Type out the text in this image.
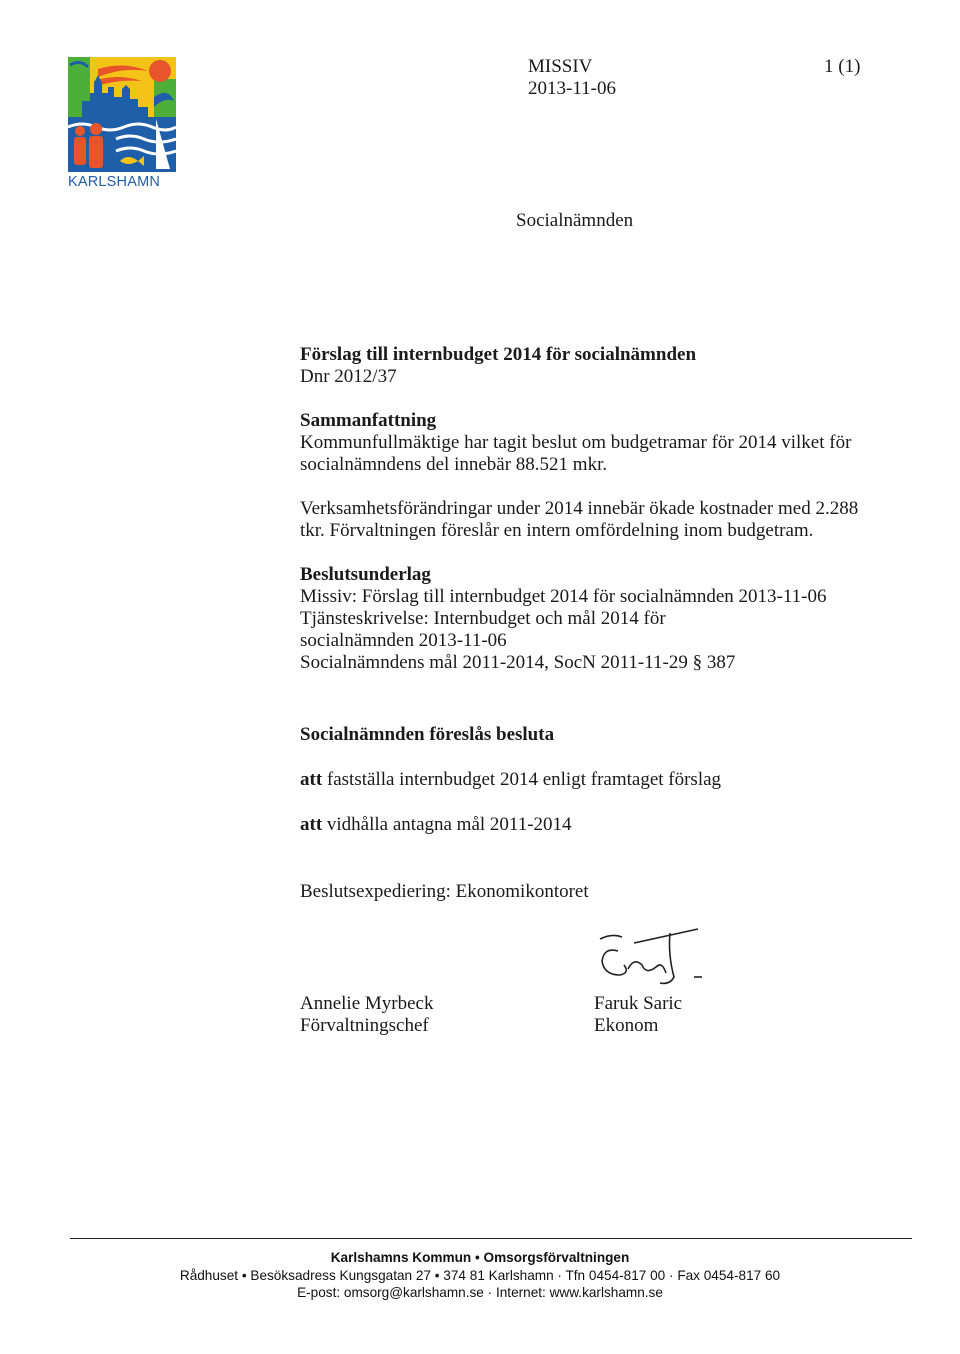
KARLSHAMN
MISSIV
2013-11-06
1 (1)
Socialnämnden

Förslag till internbudget 2014 för socialnämnden

Dnr 2012/37

Sammanfattning

Kommunfullmäktige har tagit beslut om budgetramar för 2014 vilket för

socialnämndens del innebär 88.521 mkr.

Verksamhetsförändringar under 2014 innebär ökade kostnader med 2.288

tkr. Förvaltningen föreslår en intern omfördelning inom budgetram.

Beslutsunderlag

Missiv: Förslag till internbudget 2014 för socialnämnden 2013-11-06

Tjänsteskrivelse: Internbudget och mål 2014 för

socialnämnden 2013-11-06

Socialnämndens mål 2011-2014, SocN 2011-11-29 § 387

Socialnämnden föreslås besluta
att fastställa internbudget 2014 enligt framtaget förslag
att vidhålla antagna mål 2011-2014
Beslutsexpediering: Ekonomikontoret
Annelie Myrbeck
Förvaltningschef
Faruk Saric
Ekonom
Karlshamns Kommun • Omsorgsförvaltningen
Rådhuset • Besöksadress Kungsgatan 27 • 374 81 Karlshamn · Tfn 0454-817 00 · Fax 0454-817 60
E-post: omsorg@karlshamn.se · Internet: www.karlshamn.se
